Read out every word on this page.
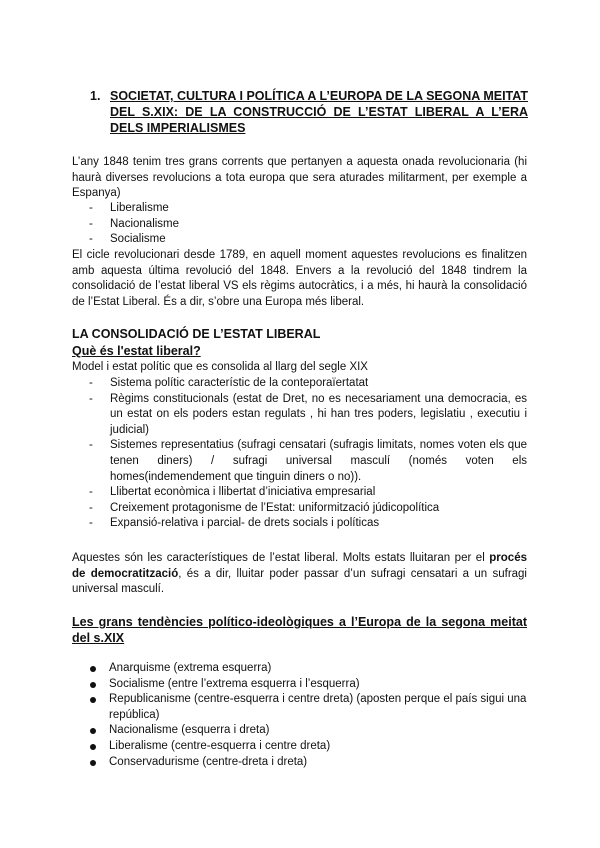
1. SOCIETAT, CULTURA I POLÍTICA A L’EUROPA DE LA SEGONA MEITAT DEL S.XIX: DE LA CONSTRUCCIÓ DE L’ESTAT LIBERAL A L’ERA DELS IMPERIALISMES
L’any 1848 tenim tres grans corrents que pertanyen a aquesta onada revolucionaria (hi haurà diverses revolucions a tota europa que sera aturades militarment, per exemple a Espanya)
- Liberalisme
- Nacionalisme
- Socialisme
El cicle revolucionari desde 1789, en aquell moment aquestes revolucions es finalitzen amb aquesta última revolució del 1848. Envers a la revolució del 1848 tindrem la consolidació de l’estat liberal VS els règims autocràtics, i a més, hi haurà la consolidació de l’Estat Liberal. És a dir, s’obre una Europa més liberal.
LA CONSOLIDACIÓ DE L’ESTAT LIBERAL
Què és l'estat liberal?
Model i estat polític que es consolida al llarg del segle XIX
- Sistema polític característic de la conteporaïertatat
- Règims constitucionals (estat de Dret, no es necesariament una democracia, es un estat on els poders estan regulats , hi han tres poders, legislatiu , executiu i judicial)
- Sistemes representatius (sufragi censatari (sufragis limitats, nomes voten els que tenen diners) / sufragi universal masculí (només voten els homes(indemendement que tinguin diners o no)).
- Llibertat econòmica i llibertat d’iniciativa empresarial
- Creixement protagonisme de l’Estat: uniformització júdicopolítica
- Expansió-relativa i parcial- de drets socials i políticas
Aquestes són les característiques de l’estat liberal. Molts estats lluitaran per el procés de democratització, és a dir, lluitar poder passar d’un sufragi censatari a un sufragi universal masculí.
Les grans tendències político-ideològiques a l’Europa de la segona meitat del s.XIX
Anarquisme (extrema esquerra)
Socialisme (entre l’extrema esquerra i l’esquerra)
Republicanisme (centre-esquerra i centre dreta) (aposten perque el país sigui una república)
Nacionalisme (esquerra i dreta)
Liberalisme (centre-esquerra i centre dreta)
Conservadurisme (centre-dreta i dreta)
